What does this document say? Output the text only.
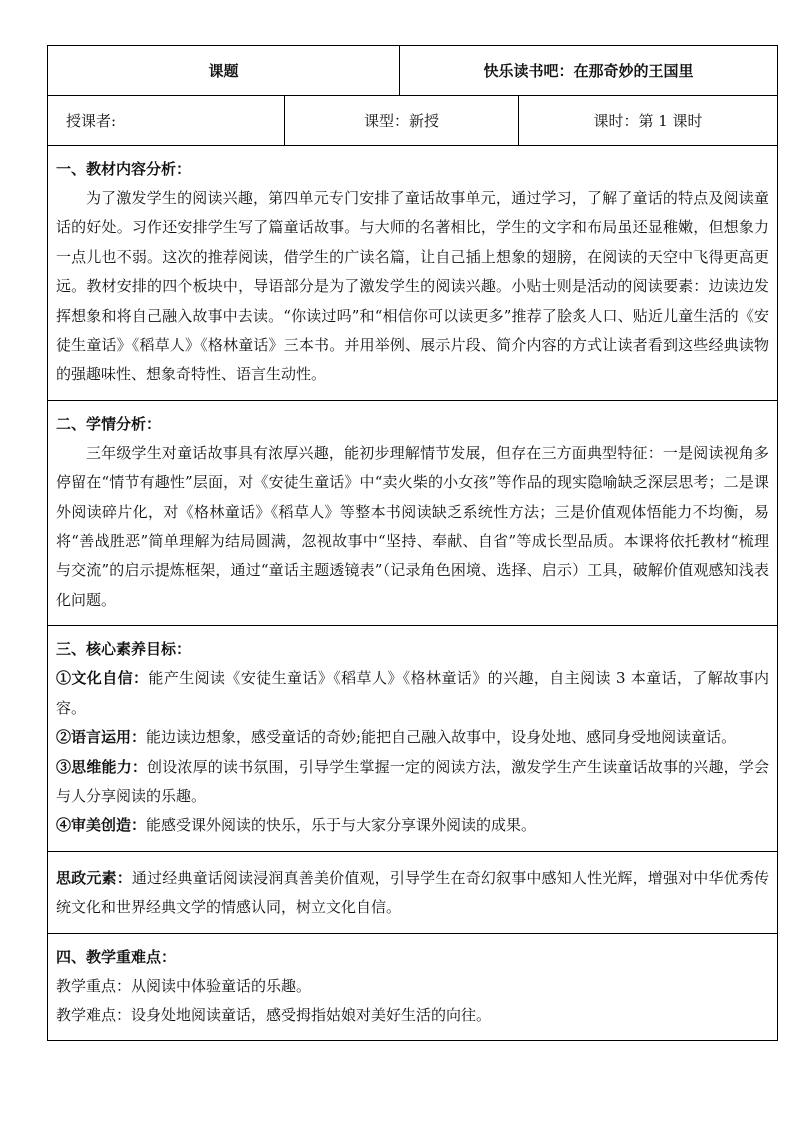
课题	快乐读书吧：在那奇妙的王国里
授课者:	课型：新授	课时：第 1 课时
一、教材内容分析：

为了激发学生的阅读兴趣，第四单元专门安排了童话故事单元，通过学习，了解了童话的特点及阅读童话的好处。习作还安排学生写了篇童话故事。与大师的名著相比，学生的文字和布局虽还显稚嫩，但想象力一点儿也不弱。这次的推荐阅读，借学生的广读名篇，让自己插上想象的翅膀，在阅读的天空中飞得更高更远。教材安排的四个板块中，导语部分是为了激发学生的阅读兴趣。小贴士则是活动的阅读要素：边读边发挥想象和将自己融入故事中去读。“你读过吗”和“相信你可以读更多”推荐了脍炙人口、贴近儿童生活的《安徒生童话》《稻草人》《格林童话》三本书。并用举例、展示片段、简介内容的方式让读者看到这些经典读物的强趣味性、想象奇特性、语言生动性。

二、学情分析：

三年级学生对童话故事具有浓厚兴趣，能初步理解情节发展，但存在三方面典型特征：一是阅读视角多停留在“情节有趣性”层面，对《安徒生童话》中“卖火柴的小女孩”等作品的现实隐喻缺乏深层思考；二是课外阅读碎片化，对《格林童话》《稻草人》等整本书阅读缺乏系统性方法；三是价值观体悟能力不均衡，易将“善战胜恶”简单理解为结局圆满，忽视故事中“坚持、奉献、自省”等成长型品质。本课将依托教材“梳理与交流”的启示提炼框架，通过“童话主题透镜表”（记录角色困境、选择、启示）工具，破解价值观感知浅表化问题。

三、核心素养目标：

①文化自信：能产生阅读《安徒生童话》《稻草人》《格林童话》的兴趣，自主阅读 3 本童话，了解故事内容。

②语言运用：能边读边想象，感受童话的奇妙;能把自己融入故事中，设身处地、感同身受地阅读童话。

③思维能力：创设浓厚的读书氛围，引导学生掌握一定的阅读方法，激发学生产生读童话故事的兴趣，学会与人分享阅读的乐趣。

④审美创造：能感受课外阅读的快乐，乐于与大家分享课外阅读的成果。

思政元素：通过经典童话阅读浸润真善美价值观，引导学生在奇幻叙事中感知人性光辉，增强对中华优秀传统文化和世界经典文学的情感认同，树立文化自信。

四、教学重难点：

教学重点：从阅读中体验童话的乐趣。

教学难点：设身处地阅读童话，感受拇指姑娘对美好生活的向往。
